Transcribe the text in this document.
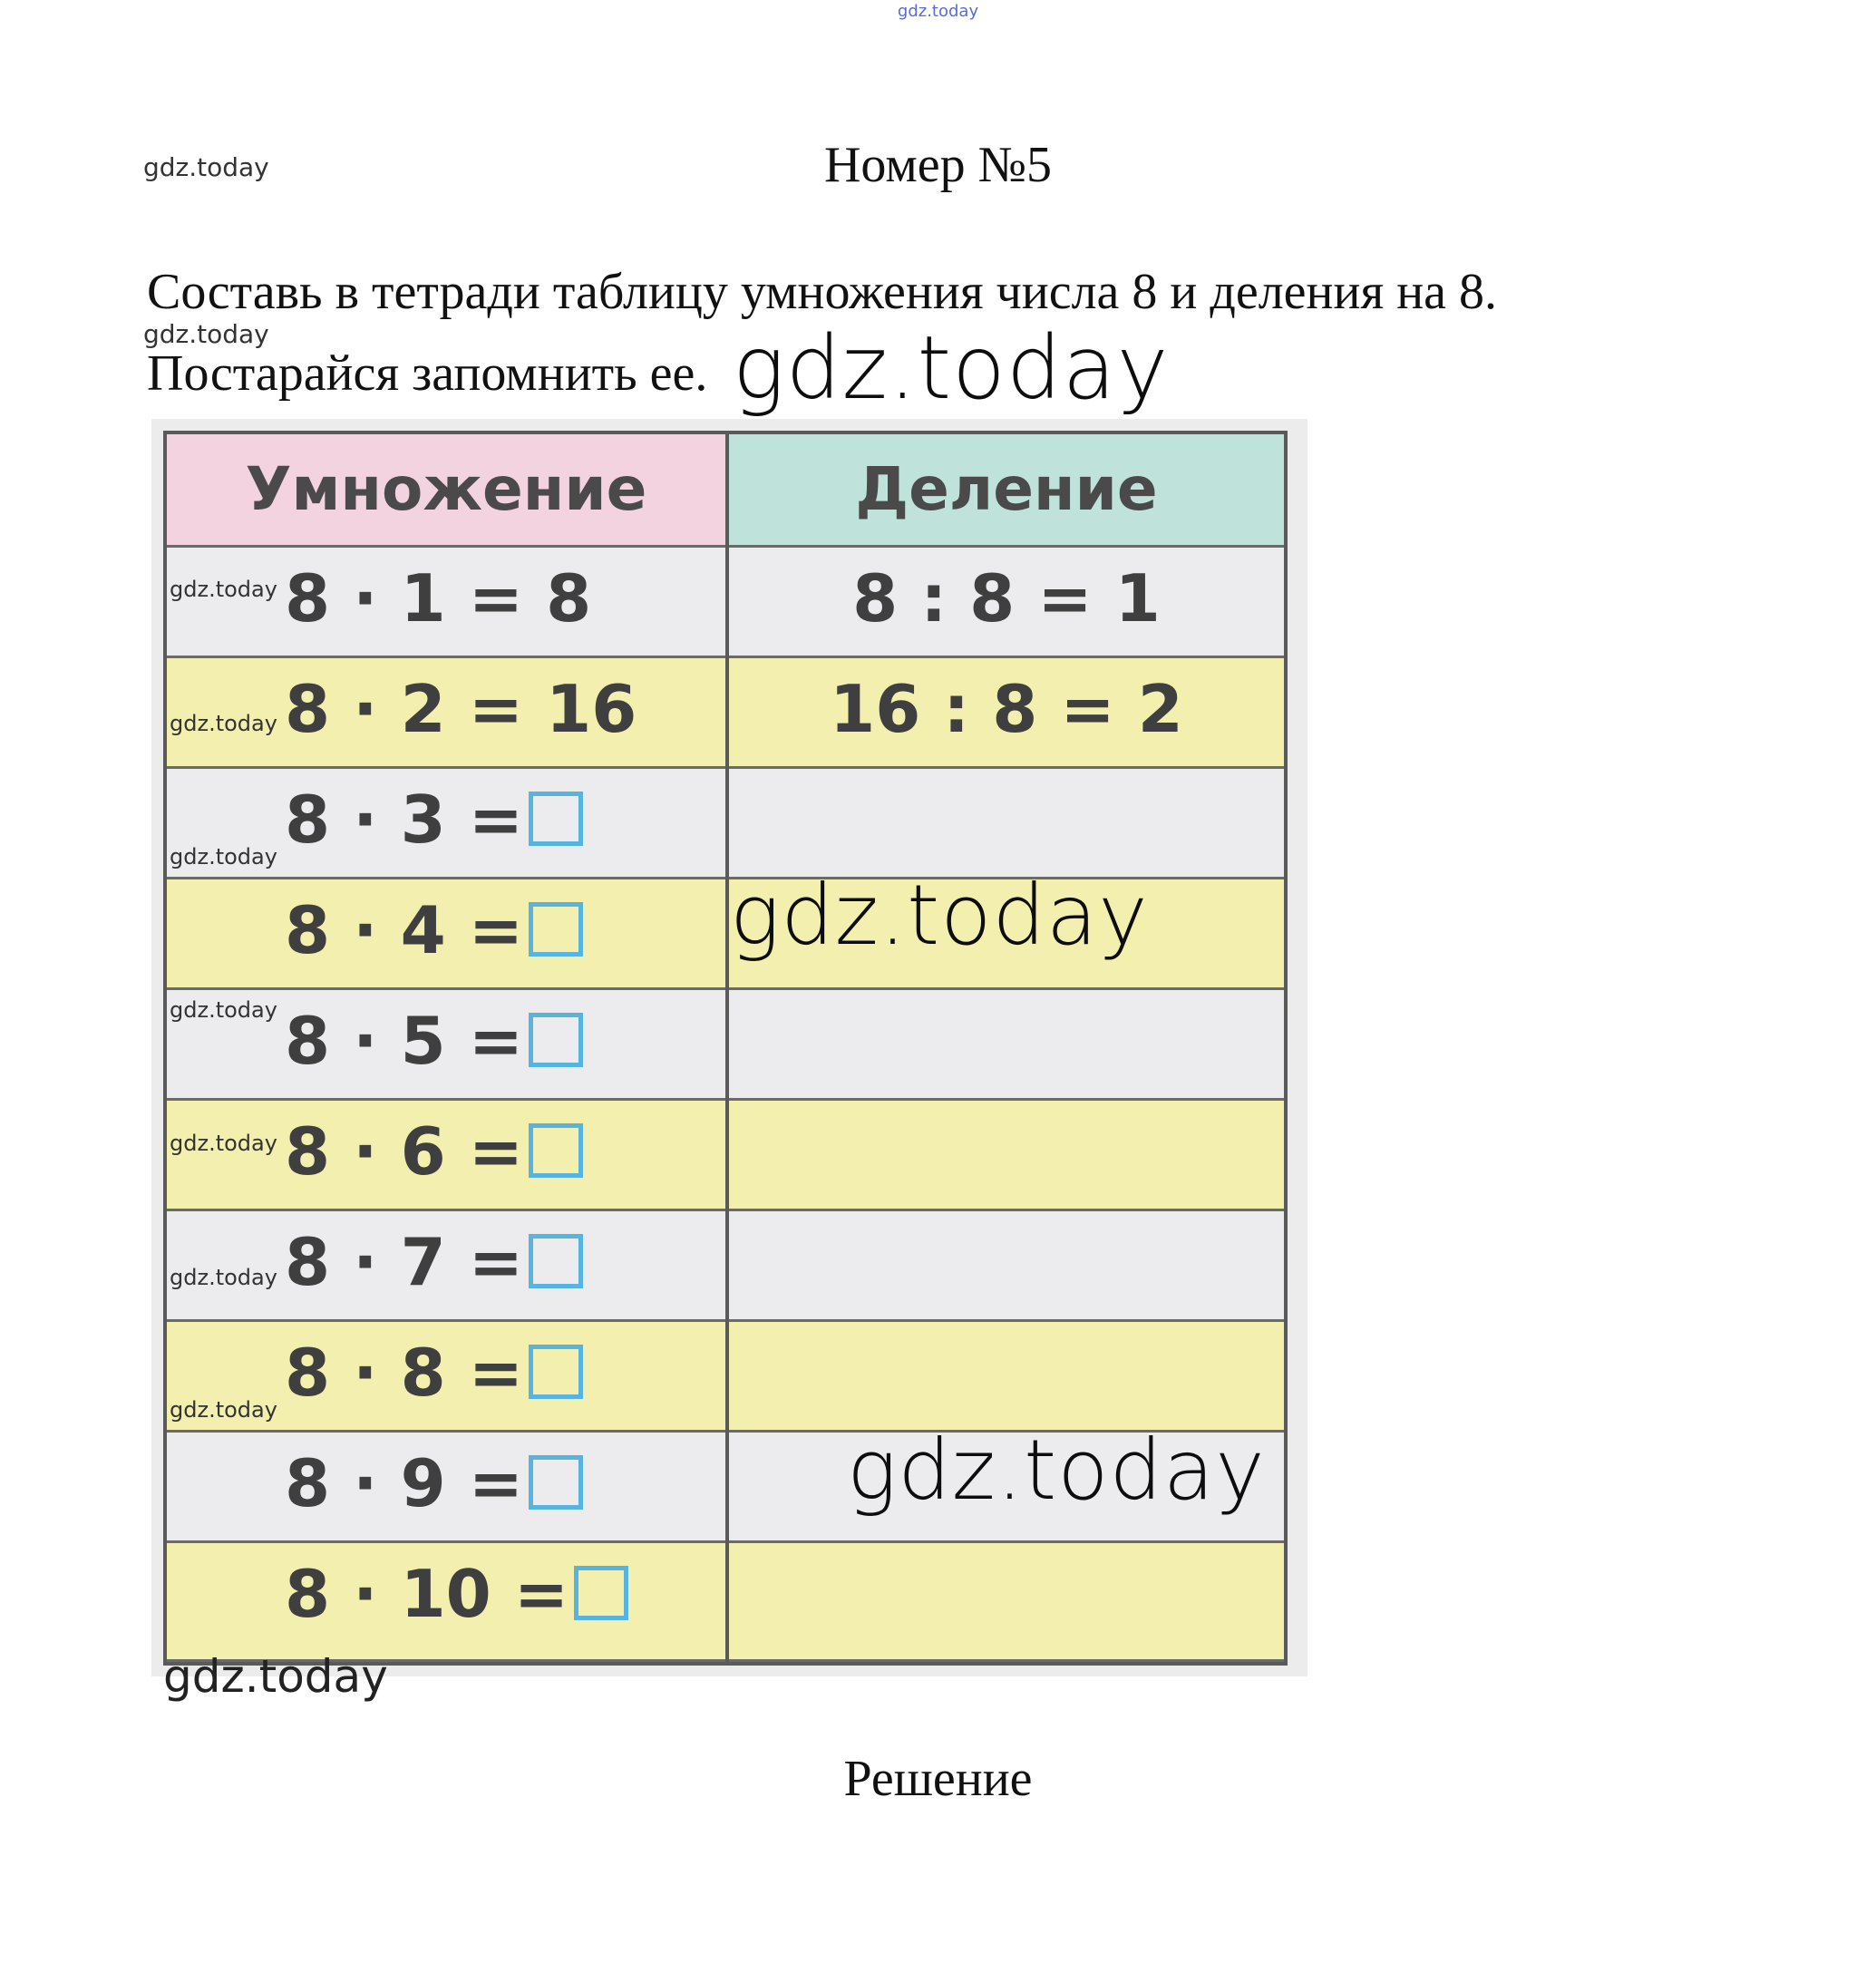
gdz.today
gdz.today	Номер №5
Составь в тетради таблицу умножения числа 8 и деления на 8.
gdz.today
Постарайся запомнить ее. gdz.today
Умножение	Деление
8 · 1 = 8	8 : 8 = 1
8 · 2 = 16	16 : 8 = 2
8 · 3 =
8 · 4 =
8 · 5 =
8 · 6 =
8 · 7 =
8 · 8 =
8 · 9 =
8 · 10 =
gdz.today
gdz.today
gdz.today
gdz.today
gdz.today
gdz.today
gdz.today
gdz.today
gdz.today
gdz.today
Решение
